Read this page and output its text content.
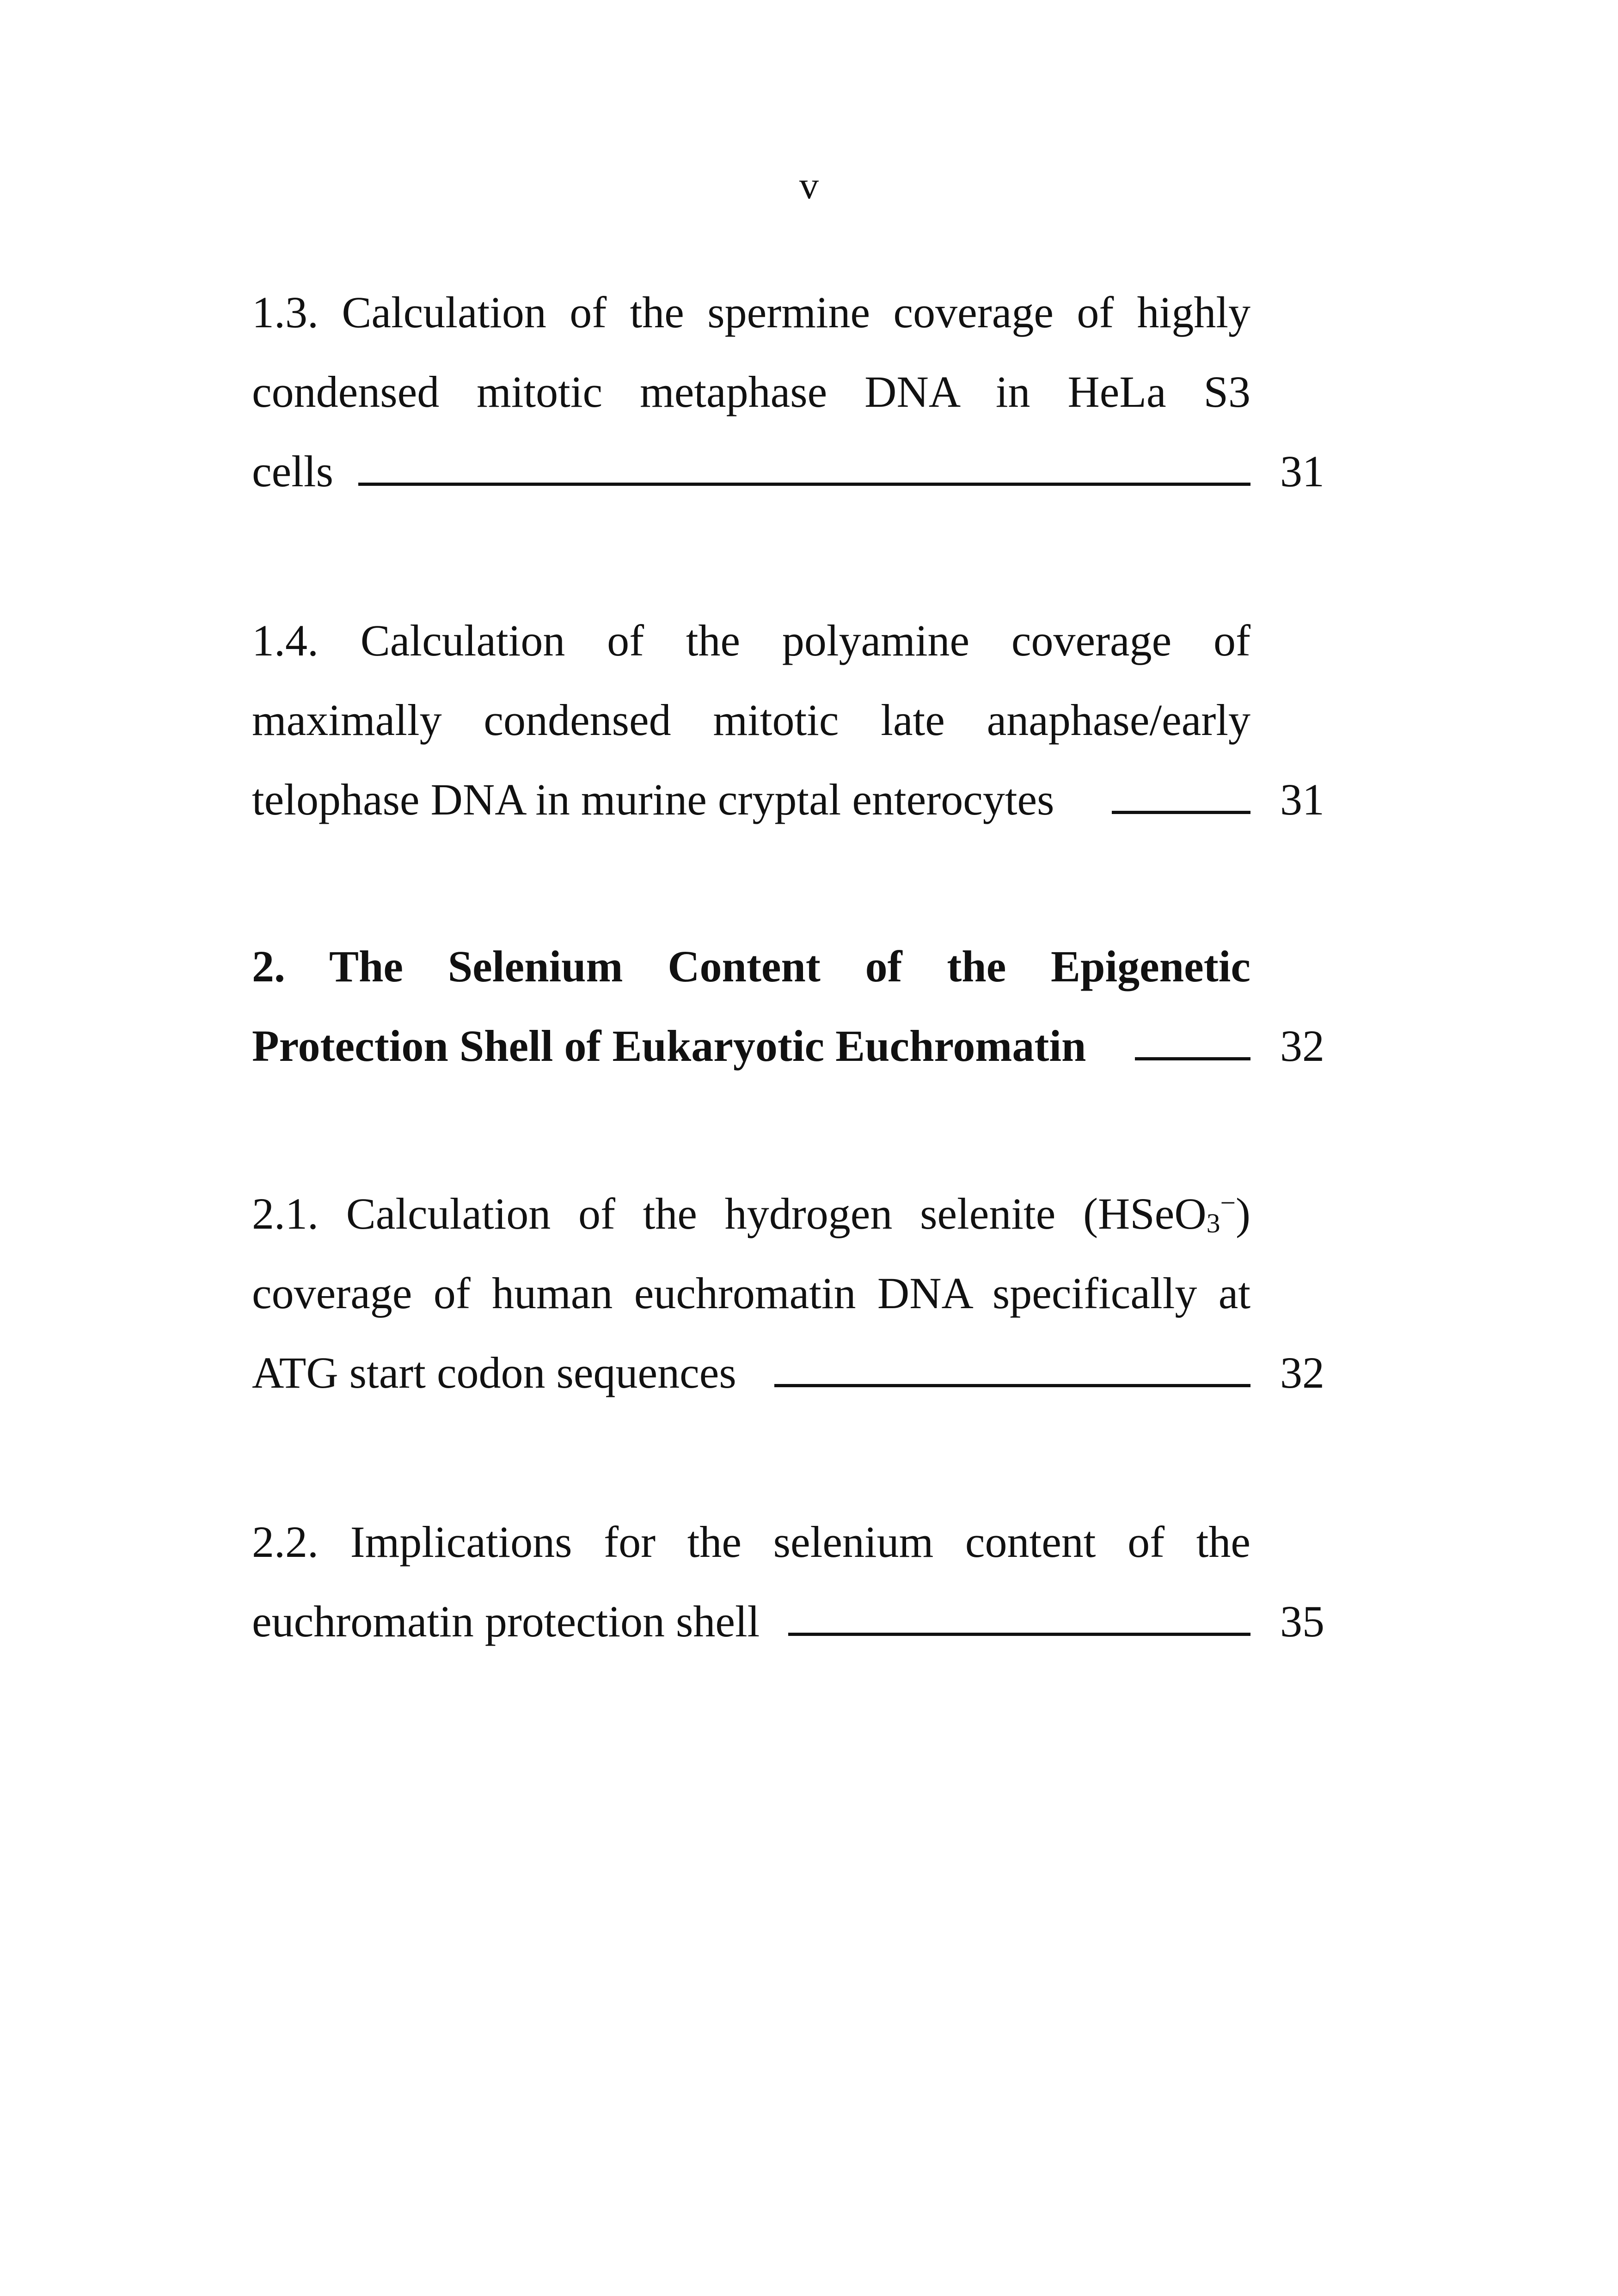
v
1.3. Calculation of the spermine coverage of highly
condensed mitotic metaphase DNA in HeLa S3
cells	31
1.4. Calculation of the polyamine coverage of
maximally condensed mitotic late anaphase/early
telophase DNA in murine cryptal enterocytes	31
2. The Selenium Content of the Epigenetic
Protection Shell of Eukaryotic Euchromatin	32
2.1. Calculation of the hydrogen selenite (HSeO$_3$−)
coverage of human euchromatin DNA specifically at
ATG start codon sequences	32
2.2. Implications for the selenium content of the
euchromatin protection shell	35
